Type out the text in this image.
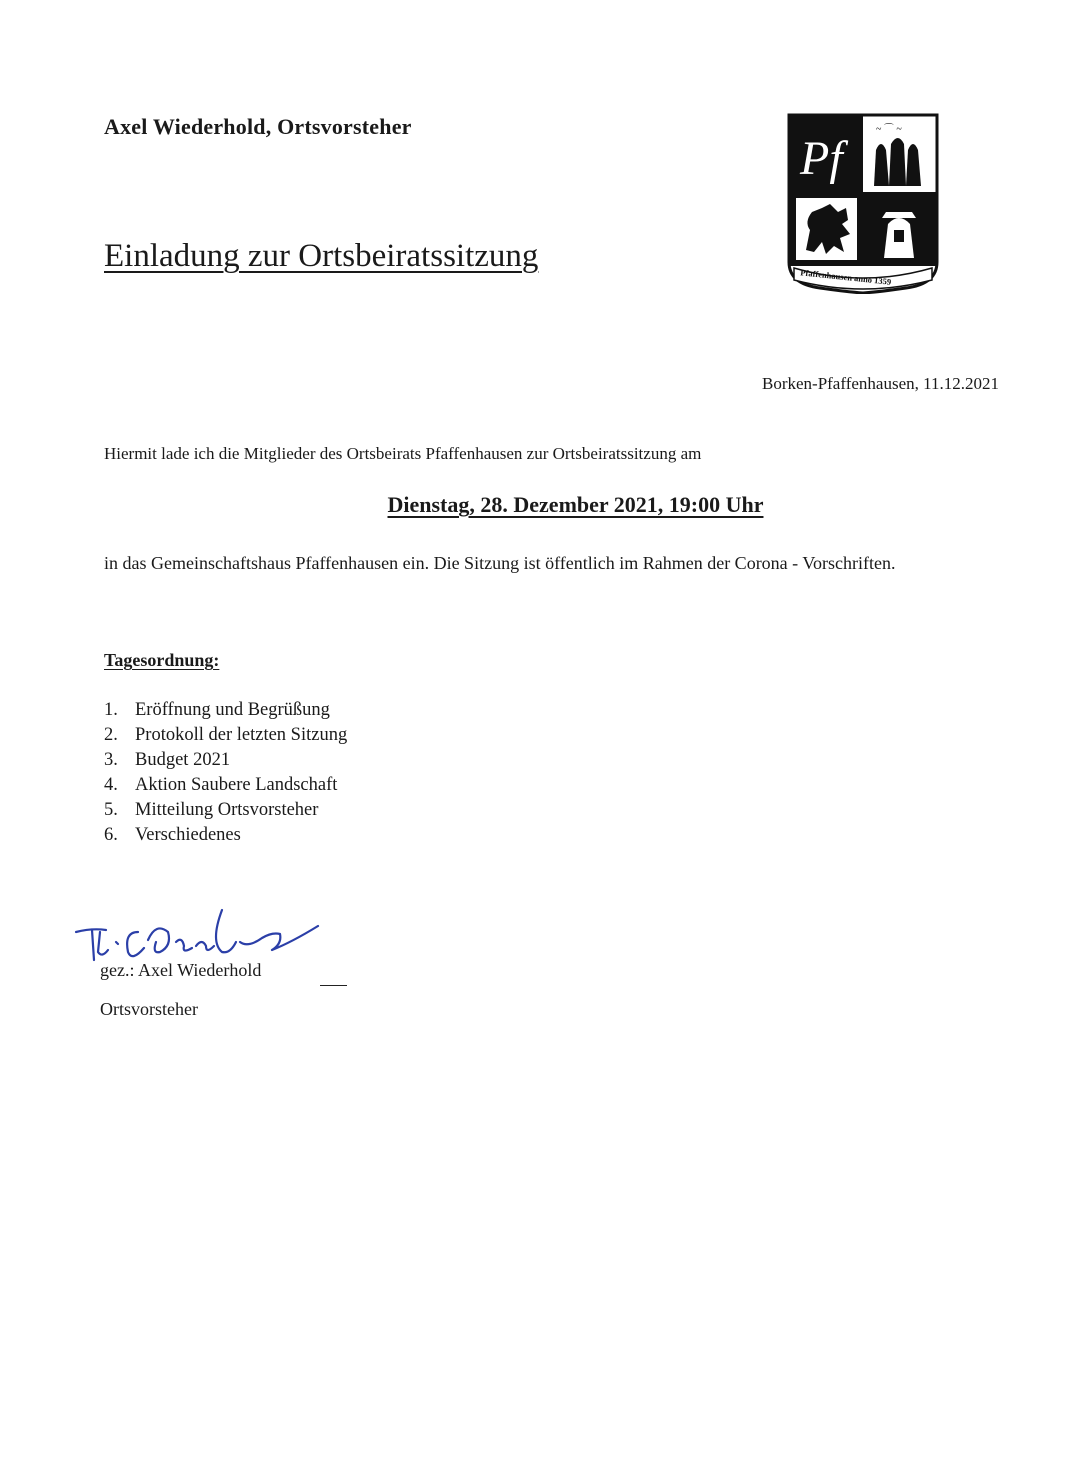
Axel Wiederhold, Ortsvorsteher
Einladung zur Ortsbeiratssitzung
Pf
~ ⌒ ~
Pfaffenhausen anno 1359
Borken-Pfaffenhausen, 11.12.2021
Hiermit lade ich die Mitglieder des Ortsbeirats Pfaffenhausen zur Ortsbeiratssitzung am
Dienstag, 28. Dezember 2021, 19:00 Uhr
in das Gemeinschaftshaus Pfaffenhausen ein. Die Sitzung ist öffentlich im Rahmen der Corona - Vorschriften.
Tagesordnung:
1. Eröffnung und Begrüßung
2. Protokoll der letzten Sitzung
3. Budget 2021
4. Aktion Saubere Landschaft
5. Mitteilung Ortsvorsteher
6. Verschiedenes
gez.: Axel Wiederhold
Ortsvorsteher
